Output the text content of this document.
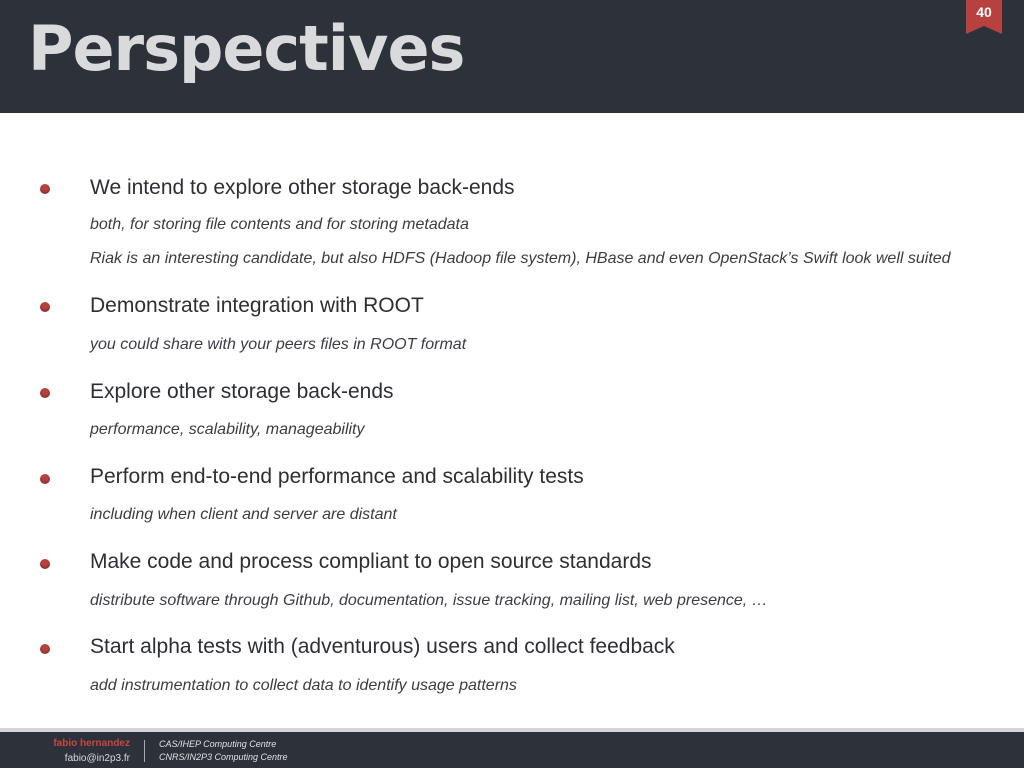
Perspectives	40
We intend to explore other storage back-ends
both, for storing file contents and for storing metadata
Riak is an interesting candidate, but also HDFS (Hadoop file system), HBase and even OpenStack’s Swift look well suited
Demonstrate integration with ROOT
you could share with your peers files in ROOT format
Explore other storage back-ends
performance, scalability, manageability
Perform end-to-end performance and scalability tests
including when client and server are distant
Make code and process compliant to open source standards
distribute software through Github, documentation, issue tracking, mailing list, web presence, …
Start alpha tests with (adventurous) users and collect feedback
add instrumentation to collect data to identify usage patterns
fabio hernandez
fabio@in2p3.fr
CAS/IHEP Computing Centre
CNRS/IN2P3 Computing Centre
